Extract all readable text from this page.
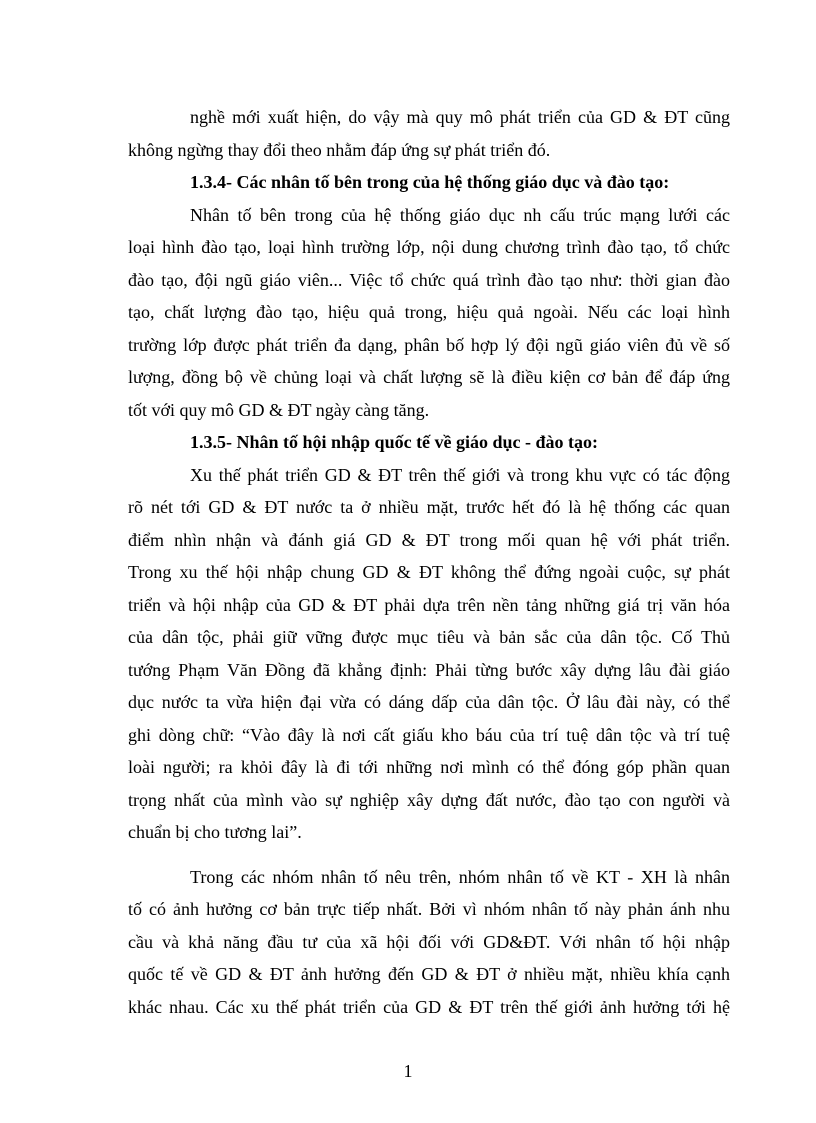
nghề mới xuất hiện, do vậy mà quy mô phát triển của GD & ĐT cũng
không ngừng thay đổi theo nhằm đáp ứng sự phát triển đó.
1.3.4- Các nhân tố bên trong của hệ thống giáo dục và đào tạo:
Nhân tố bên trong của hệ thống giáo dục nh cấu trúc mạng lưới các
loại hình đào tạo, loại hình trường lớp, nội dung chương trình đào tạo, tổ chức
đào tạo, đội ngũ giáo viên... Việc tổ chức quá trình đào tạo như: thời gian đào
tạo, chất lượng đào tạo, hiệu quả trong, hiệu quả ngoài. Nếu các loại hình
trường lớp được phát triển đa dạng, phân bố hợp lý đội ngũ giáo viên đủ về số
lượng, đồng bộ về chủng loại và chất lượng sẽ là điều kiện cơ bản để đáp ứng
tốt với quy mô GD & ĐT ngày càng tăng.
1.3.5- Nhân tố hội nhập quốc tế về giáo dục - đào tạo:
Xu thế phát triển GD & ĐT trên thế giới và trong khu vực có tác động
rõ nét tới GD & ĐT nước ta ở nhiều mặt, trước hết đó là hệ thống các quan
điểm nhìn nhận và đánh giá GD & ĐT trong mối quan hệ với phát triển.
Trong xu thế hội nhập chung GD & ĐT không thể đứng ngoài cuộc, sự phát
triển và hội nhập của GD & ĐT phải dựa trên nền tảng những giá trị văn hóa
của dân tộc, phải giữ vững được mục tiêu và bản sắc của dân tộc. Cố Thủ
tướng Phạm Văn Đồng đã khẳng định: Phải từng bước xây dựng lâu đài giáo
dục nước ta vừa hiện đại vừa có dáng dấp của dân tộc. Ở lâu đài này, có thể
ghi dòng chữ: “Vào đây là nơi cất giấu kho báu của trí tuệ dân tộc và trí tuệ
loài người; ra khỏi đây là đi tới những nơi mình có thể đóng góp phần quan
trọng nhất của mình vào sự nghiệp xây dựng đất nước, đào tạo con người và
chuẩn bị cho tương lai”.
Trong các nhóm nhân tố nêu trên, nhóm nhân tố về KT - XH là nhân
tố có ảnh hưởng cơ bản trực tiếp nhất. Bởi vì nhóm nhân tố này phản ánh nhu
cầu và khả năng đầu tư của xã hội đối với GD&ĐT. Với nhân tố hội nhập
quốc tế về GD & ĐT ảnh hưởng đến GD & ĐT ở nhiều mặt, nhiều khía cạnh
khác nhau. Các xu thế phát triển của GD & ĐT trên thế giới ảnh hưởng tới hệ
1
